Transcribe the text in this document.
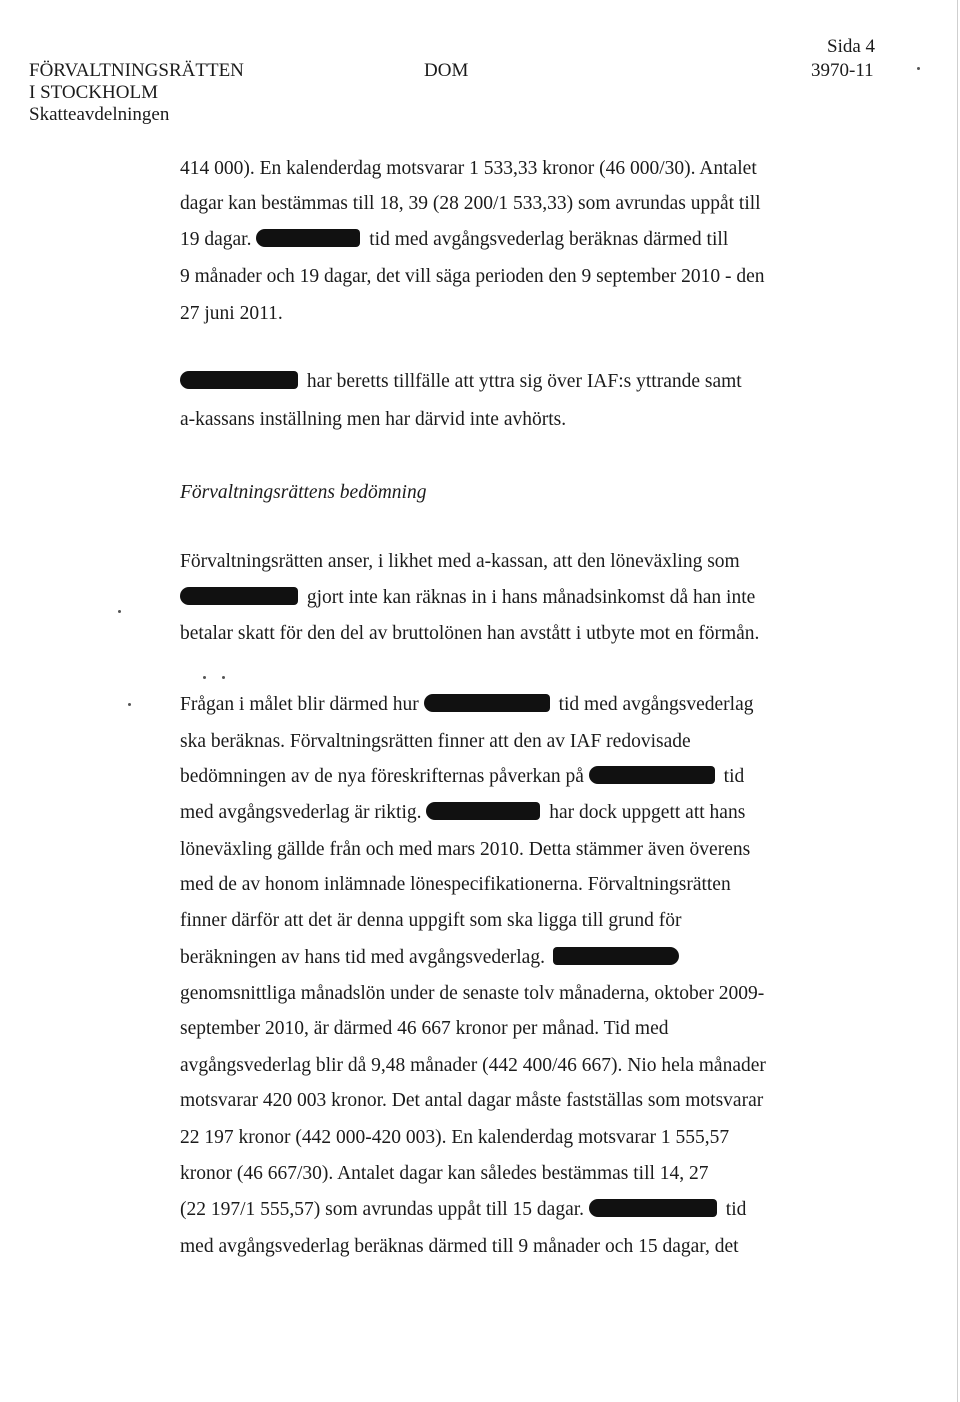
FÖRVALTNINGSRÄTTEN
I STOCKHOLM
Skatteavdelningen
DOM
Sida 4
3970-11
414 000). En kalenderdag motsvarar 1 533,33 kronor (46 000/30). Antalet
dagar kan bestämmas till 18, 39 (28 200/1 533,33) som avrundas uppåt till
19 dagar.	tid med avgångsvederlag beräknas därmed till
9 månader och 19 dagar, det vill säga perioden den 9 september 2010 - den
27 juni 2011.
har beretts tillfälle att yttra sig över IAF:s yttrande samt
a-kassans inställning men har därvid inte avhörts.
Förvaltningsrättens bedömning
Förvaltningsrätten anser, i likhet med a-kassan, att den löneväxling som
gjort inte kan räknas in i hans månadsinkomst då han inte
betalar skatt för den del av bruttolönen han avstått i utbyte mot en förmån.
Frågan i målet blir därmed hur	tid med avgångsvederlag
ska beräknas. Förvaltningsrätten finner att den av IAF redovisade
bedömningen av de nya föreskrifternas påverkan på	tid
med avgångsvederlag är riktig.	har dock uppgett att hans
löneväxling gällde från och med mars 2010. Detta stämmer även överens
med de av honom inlämnade lönespecifikationerna. Förvaltningsrätten
finner därför att det är denna uppgift som ska ligga till grund för
beräkningen av hans tid med avgångsvederlag.
genomsnittliga månadslön under de senaste tolv månaderna, oktober 2009-
september 2010, är därmed 46 667 kronor per månad. Tid med
avgångsvederlag blir då 9,48 månader (442 400/46 667). Nio hela månader
motsvarar 420 003 kronor. Det antal dagar måste fastställas som motsvarar
22 197 kronor (442 000-420 003). En kalenderdag motsvarar 1 555,57
kronor (46 667/30). Antalet dagar kan således bestämmas till 14, 27
(22 197/1 555,57) som avrundas uppåt till 15 dagar.	tid
med avgångsvederlag beräknas därmed till 9 månader och 15 dagar, det
